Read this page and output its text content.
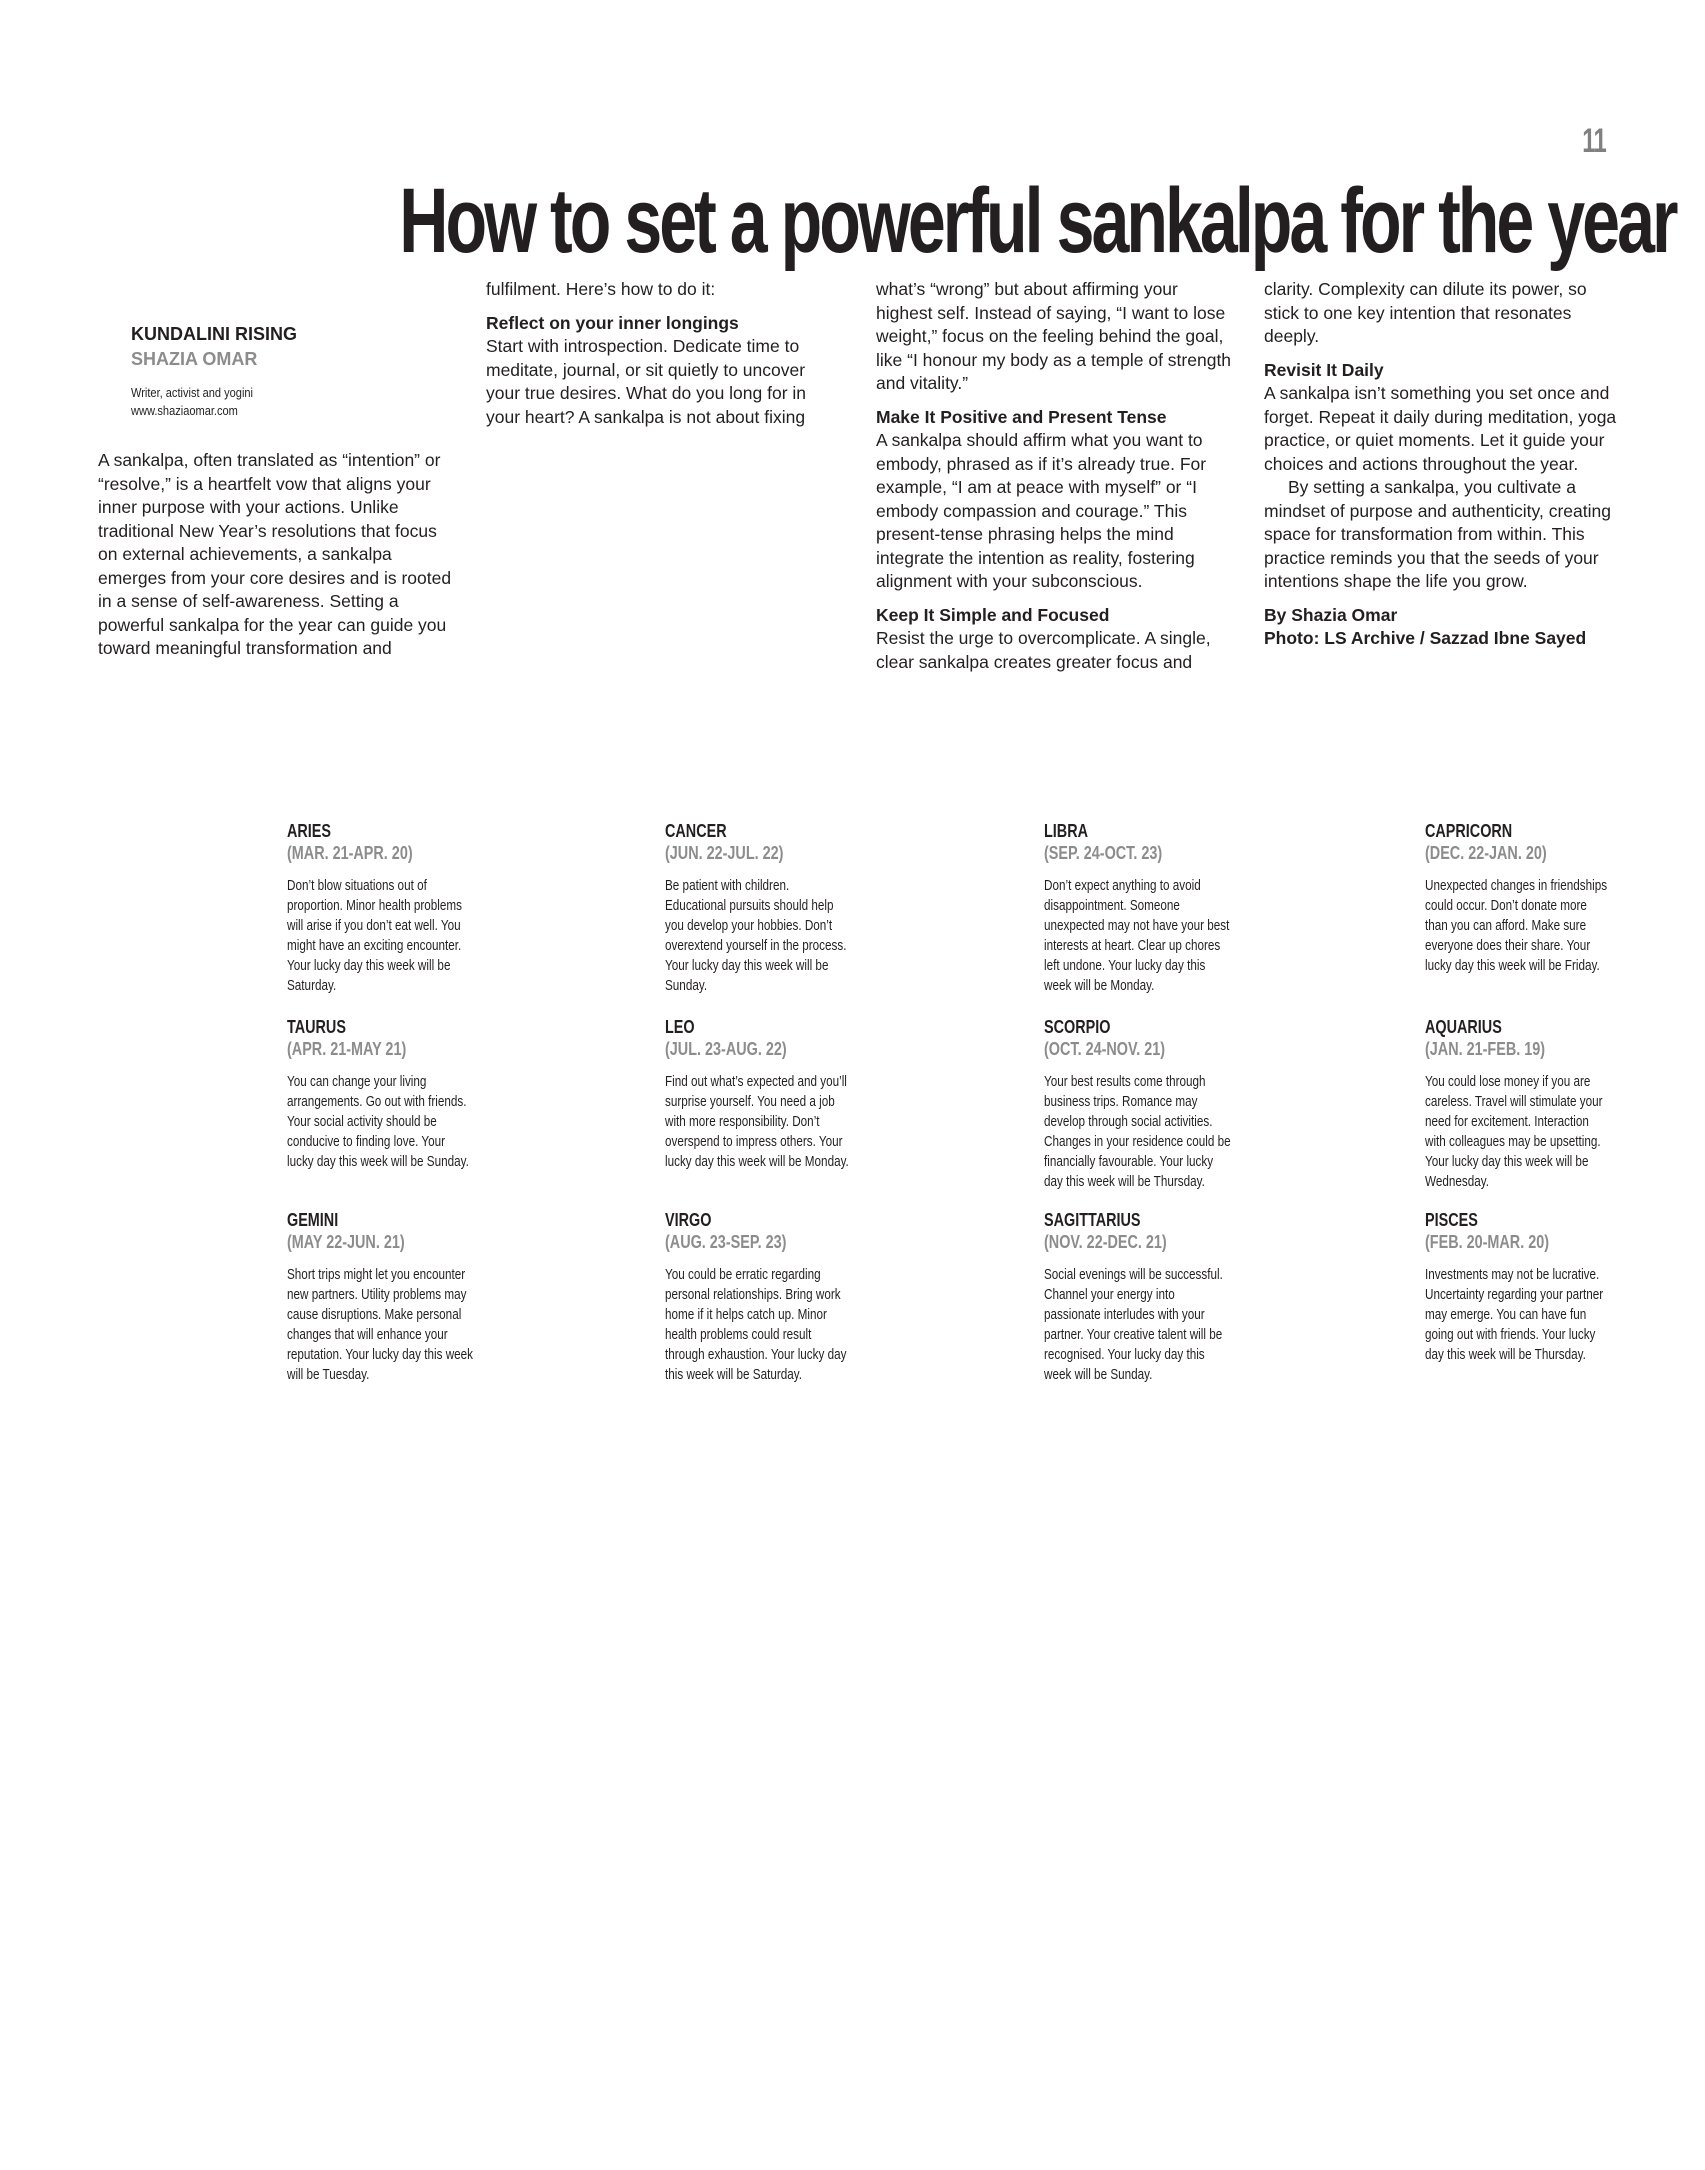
11
How to set a powerful sankalpa for the year
KUNDALINI RISING
SHAZIA OMAR
Writer, activist and yogini
www.shaziaomar.com

A sankalpa, often translated as “intention” or “resolve,” is a heartfelt vow that aligns your inner purpose with your actions. Unlike traditional New Year’s resolutions that focus on external achievements, a sankalpa emerges from your core desires and is rooted in a sense of self-awareness. Setting a powerful sankalpa for the year can guide you toward meaningful transformation and

fulfilment. Here’s how to do it:

Reflect on your inner longings

Start with introspection. Dedicate time to meditate, journal, or sit quietly to uncover your true desires. What do you long for in your heart? A sankalpa is not about fixing

what’s “wrong” but about affirming your highest self. Instead of saying, “I want to lose weight,” focus on the feeling behind the goal, like “I honour my body as a temple of strength and vitality.”

Make It Positive and Present Tense

A sankalpa should affirm what you want to embody, phrased as if it’s already true. For example, “I am at peace with myself” or “I embody compassion and courage.” This present-tense phrasing helps the mind integrate the intention as reality, fostering alignment with your subconscious.

Keep It Simple and Focused

Resist the urge to overcomplicate. A single, clear sankalpa creates greater focus and

clarity. Complexity can dilute its power, so stick to one key intention that resonates deeply.

Revisit It Daily

A sankalpa isn’t something you set once and forget. Repeat it daily during meditation, yoga practice, or quiet moments. Let it guide your choices and actions throughout the year.

By setting a sankalpa, you cultivate a mindset of purpose and authenticity, creating space for transformation from within. This practice reminds you that the seeds of your intentions shape the life you grow.

By Shazia Omar

Photo: LS Archive / Sazzad Ibne Sayed

ARIES
(MAR. 21-APR. 20)
Don’t blow situations out of proportion. Minor health problems will arise if you don’t eat well. You might have an exciting encounter. Your lucky day this week will be Saturday.
TAURUS
(APR. 21-MAY 21)
You can change your living arrangements. Go out with friends. Your social activity should be conducive to finding love. Your lucky day this week will be Sunday.
GEMINI
(MAY 22-JUN. 21)
Short trips might let you encounter new partners. Utility problems may cause disruptions. Make personal changes that will enhance your reputation. Your lucky day this week will be Tuesday.
CANCER
(JUN. 22-JUL. 22)
Be patient with children. Educational pursuits should help you develop your hobbies. Don’t overextend yourself in the process. Your lucky day this week will be Sunday.
LEO
(JUL. 23-AUG. 22)
Find out what’s expected and you’ll surprise yourself. You need a job with more responsibility. Don’t overspend to impress others. Your lucky day this week will be Monday.
VIRGO
(AUG. 23-SEP. 23)
You could be erratic regarding personal relationships. Bring work home if it helps catch up. Minor health problems could result through exhaustion. Your lucky day this week will be Saturday.
LIBRA
(SEP. 24-OCT. 23)
Don’t expect anything to avoid disappointment. Someone unexpected may not have your best interests at heart. Clear up chores left undone. Your lucky day this week will be Monday.
SCORPIO
(OCT. 24-NOV. 21)
Your best results come through business trips. Romance may develop through social activities. Changes in your residence could be financially favourable. Your lucky day this week will be Thursday.
SAGITTARIUS
(NOV. 22-DEC. 21)
Social evenings will be successful. Channel your energy into passionate interludes with your partner. Your creative talent will be recognised. Your lucky day this week will be Sunday.
CAPRICORN
(DEC. 22-JAN. 20)
Unexpected changes in friendships could occur. Don’t donate more than you can afford. Make sure everyone does their share. Your lucky day this week will be Friday.
AQUARIUS
(JAN. 21-FEB. 19)
You could lose money if you are careless. Travel will stimulate your need for excitement. Interaction with colleagues may be upsetting. Your lucky day this week will be Wednesday.
PISCES
(FEB. 20-MAR. 20)
Investments may not be lucrative. Uncertainty regarding your partner may emerge. You can have fun going out with friends. Your lucky day this week will be Thursday.
